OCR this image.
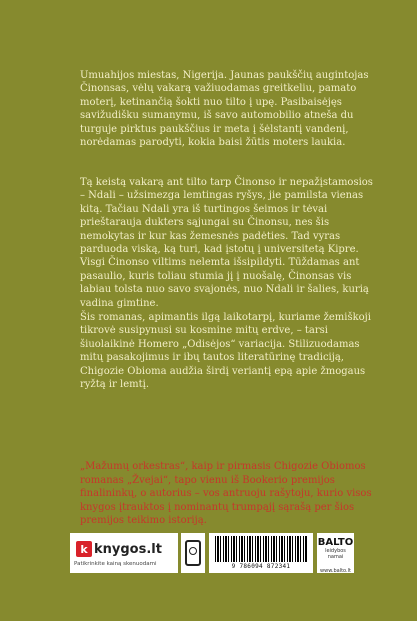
Umuahijos miestas, Nigerija. Jaunas paukščių augintojas Činonsas, vėlų vakarą važiuodamas greitkeliu, pamato moterį, ketinančią šokti nuo tilto į upę. Pasibaisėjęs savižudišku sumanymu, iš savo automobilio atneša du turguje pirktus paukščius ir meta į šėlstantį vandenį, norėdamas parodyti, kokia baisi žūtis moters laukia.

Tą keistą vakarą ant tilto tarp Činonso ir nepažįstamosios – Ndali – užsimezga lemtingas ryšys, jie pamilsta vienas kitą. Tačiau Ndali yra iš turtingos šeimos ir tėvai prieštarauja dukters sąjungai su Činonsu, nes šis nemokytas ir kur kas žemesnės padėties. Tad vyras parduoda viską, ką turi, kad įstotų į universitetą Kipre. Visgi Činonso viltims nelemta išsipildyti. Tūždamas ant pasaulio, kuris toliau stumia jį į nuošalę, Činonsas vis labiau tolsta nuo savo svajonės, nuo Ndali ir šalies, kurią vadina gimtine.

Šis romanas, apimantis ilgą laikotarpį, kuriame žemiškoji tikrovė susipynusi su kosmine mitų erdve, – tarsi šiuolaikinė Homero „Odisėjos“ variacija. Stilizuodamas mitų pasakojimus ir ibų tautos literatūrinę tradiciją, Chigozie Obioma audžia širdį veriantį epą apie žmogaus ryžtą ir lemtį.

„Mažumų orkestras“, kaip ir pirmasis Chigozie Obiomos romanas „Žvejai“, tapo vienu iš Bookerio premijos finalininkų, o autorius – vos antruoju rašytoju, kurio visos knygos įtrauktos į nominantų trumpąjį sąrašą per šios premijos teikimo istoriją.

k knygos.lt
Patikrinkite kainą skenuodami	9 786094 872341
BALTO
leidybos namai
www.balto.lt
